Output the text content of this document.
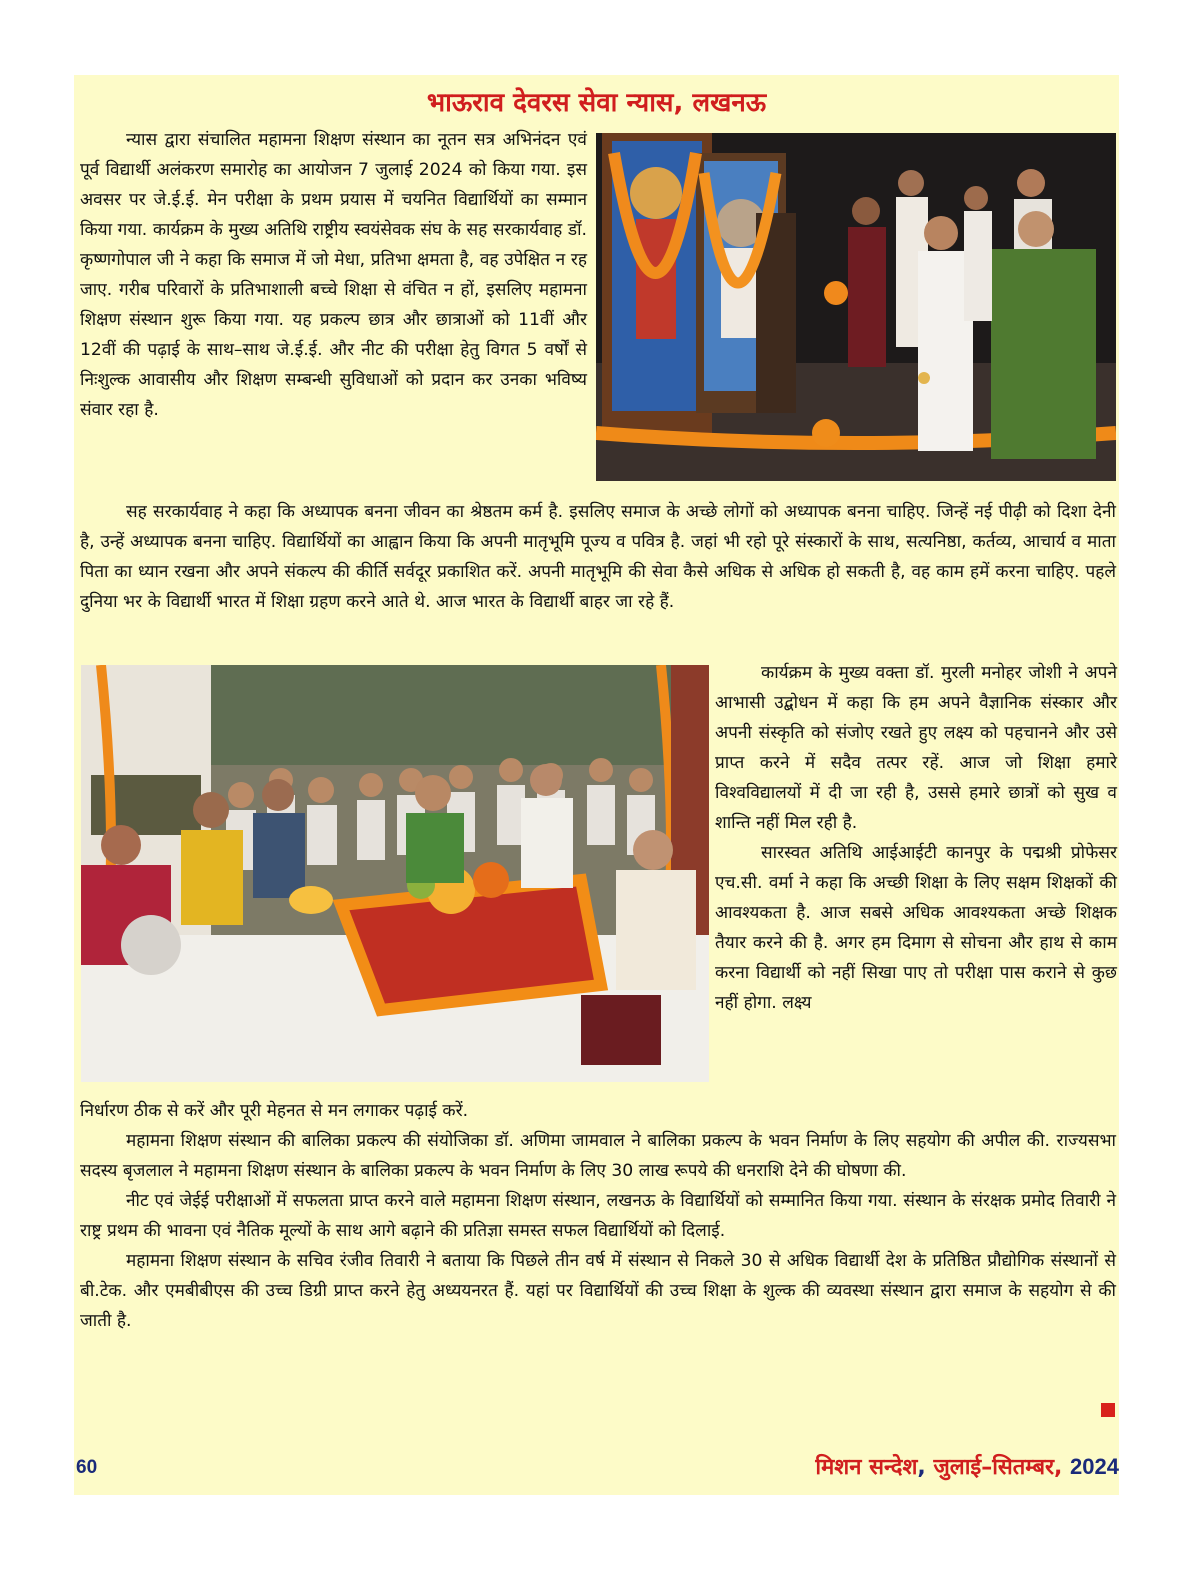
भाऊराव देवरस सेवा न्यास, लखनऊ

न्यास द्वारा संचालित महामना शिक्षण संस्थान का नूतन सत्र अभिनंदन एवं पूर्व विद्यार्थी अलंकरण समारोह का आयोजन 7 जुलाई 2024 को किया गया. इस अवसर पर जे.ई.ई. मेन परीक्षा के प्रथम प्रयास में चयनित विद्यार्थियों का सम्मान किया गया. कार्यक्रम के मुख्य अतिथि राष्ट्रीय स्वयंसेवक संघ के सह सरकार्यवाह डॉ. कृष्णगोपाल जी ने कहा कि समाज में जो मेधा, प्रतिभा क्षमता है, वह उपेक्षित न रह जाए. गरीब परिवारों के प्रतिभाशाली बच्चे शिक्षा से वंचित न हों, इसलिए महामना शिक्षण संस्थान शुरू किया गया. यह प्रकल्प छात्र और छात्राओं को 11वीं और 12वीं की पढ़ाई के साथ–साथ जे.ई.ई. और नीट की परीक्षा हेतु विगत 5 वर्षों से निःशुल्क आवासीय और शिक्षण सम्बन्धी सुविधाओं को प्रदान कर उनका भविष्य संवार रहा है.

सह सरकार्यवाह ने कहा कि अध्यापक बनना जीवन का श्रेष्ठतम कर्म है. इसलिए समाज के अच्छे लोगों को अध्यापक बनना चाहिए. जिन्हें नई पीढ़ी को दिशा देनी है, उन्हें अध्यापक बनना चाहिए. विद्यार्थियों का आह्वान किया कि अपनी मातृभूमि पूज्य व पवित्र है. जहां भी रहो पूरे संस्कारों के साथ, सत्यनिष्ठा, कर्तव्य, आचार्य व माता पिता का ध्यान रखना और अपने संकल्प की कीर्ति सर्वदूर प्रकाशित करें. अपनी मातृभूमि की सेवा कैसे अधिक से अधिक हो सकती है, वह काम हमें करना चाहिए. पहले दुनिया भर के विद्यार्थी भारत में शिक्षा ग्रहण करने आते थे. आज भारत के विद्यार्थी बाहर जा रहे हैं.

कार्यक्रम के मुख्य वक्ता डॉ. मुरली मनोहर जोशी ने अपने आभासी उद्बोधन में कहा कि हम अपने वैज्ञानिक संस्कार और अपनी संस्कृति को संजोए रखते हुए लक्ष्य को पहचानने और उसे प्राप्त करने में सदैव तत्पर रहें. आज जो शिक्षा हमारे विश्वविद्यालयों में दी जा रही है, उससे हमारे छात्रों को सुख व शान्ति नहीं मिल रही है.

सारस्वत अतिथि आईआईटी कानपुर के पद्मश्री प्रोफेसर एच.सी. वर्मा ने कहा कि अच्छी शिक्षा के लिए सक्षम शिक्षकों की आवश्यकता है. आज सबसे अधिक आवश्यकता अच्छे शिक्षक तैयार करने की है. अगर हम दिमाग से सोचना और हाथ से काम करना विद्यार्थी को नहीं सिखा पाए तो परीक्षा पास कराने से कुछ नहीं होगा. लक्ष्य

निर्धारण ठीक से करें और पूरी मेहनत से मन लगाकर पढ़ाई करें.

महामना शिक्षण संस्थान की बालिका प्रकल्प की संयोजिका डॉ. अणिमा जामवाल ने बालिका प्रकल्प के भवन निर्माण के लिए सहयोग की अपील की. राज्यसभा सदस्य बृजलाल ने महामना शिक्षण संस्थान के बालिका प्रकल्प के भवन निर्माण के लिए 30 लाख रूपये की धनराशि देने की घोषणा की.

नीट एवं जेईई परीक्षाओं में सफलता प्राप्त करने वाले महामना शिक्षण संस्थान, लखनऊ के विद्यार्थियों को सम्मानित किया गया. संस्थान के संरक्षक प्रमोद तिवारी ने राष्ट्र प्रथम की भावना एवं नैतिक मूल्यों के साथ आगे बढ़ाने की प्रतिज्ञा समस्त सफल विद्यार्थियों को दिलाई.

महामना शिक्षण संस्थान के सचिव रंजीव तिवारी ने बताया कि पिछले तीन वर्ष में संस्थान से निकले 30 से अधिक विद्यार्थी देश के प्रतिष्ठित प्रौद्योगिक संस्थानों से बी.टेक. और एमबीबीएस की उच्च डिग्री प्राप्त करने हेतु अध्ययनरत हैं. यहां पर विद्यार्थियों की उच्च शिक्षा के शुल्क की व्यवस्था संस्थान द्वारा समाज के सहयोग से की जाती है.

60	मिशन सन्देश, जुलाई–सितम्बर, 2024
